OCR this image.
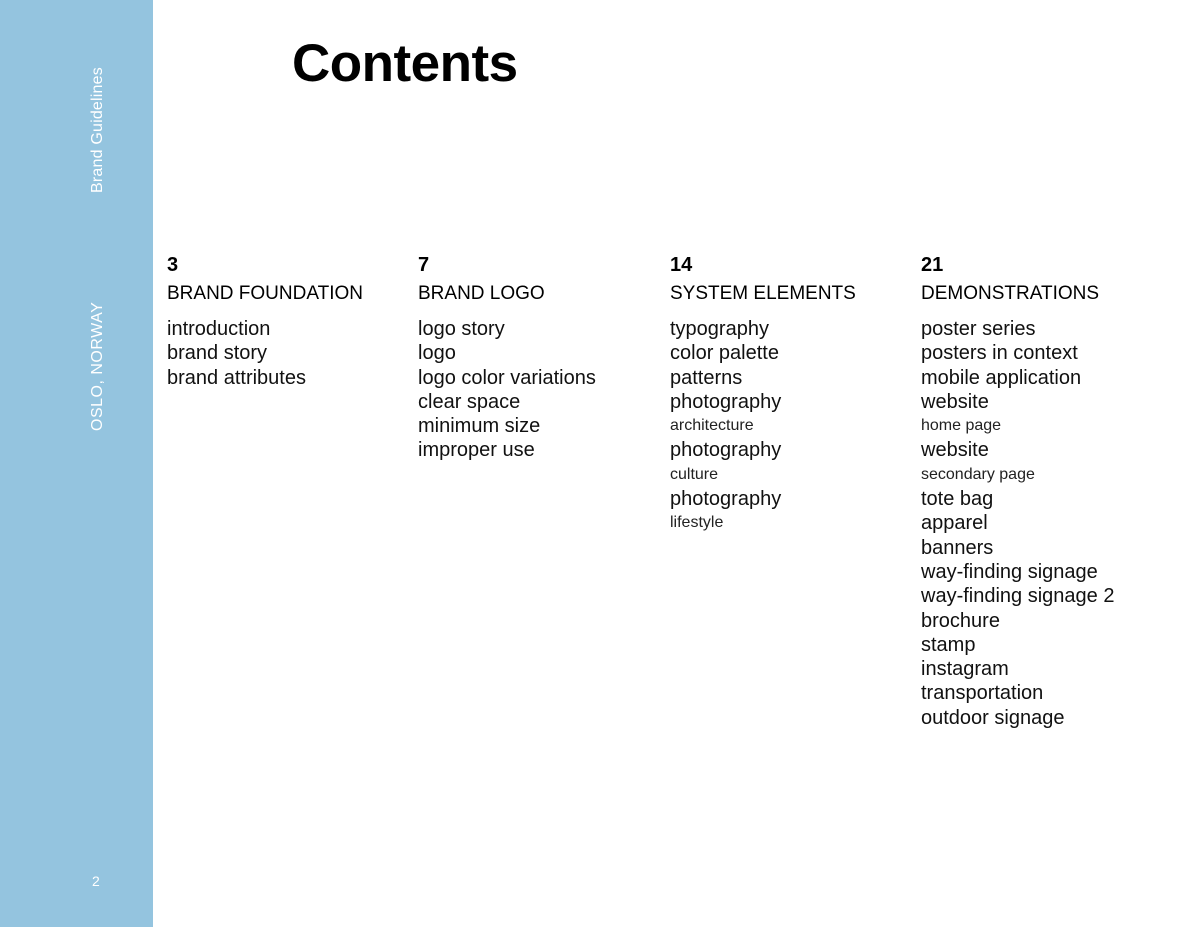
Brand Guidelines
OSLO, NORWAY
2
Contents
3
BRAND FOUNDATION
introduction
brand story
brand attributes
7
BRAND LOGO
logo story
logo
logo color variations
clear space
minimum size
improper use
14
SYSTEM ELEMENTS
typography
color palette
patterns
photography
architecture
photography
culture
photography
lifestyle
21
DEMONSTRATIONS
poster series
posters in context
mobile application
website
home page
website
secondary page
tote bag
apparel
banners
way-finding signage
way-finding signage 2
brochure
stamp
instagram
transportation
outdoor signage
